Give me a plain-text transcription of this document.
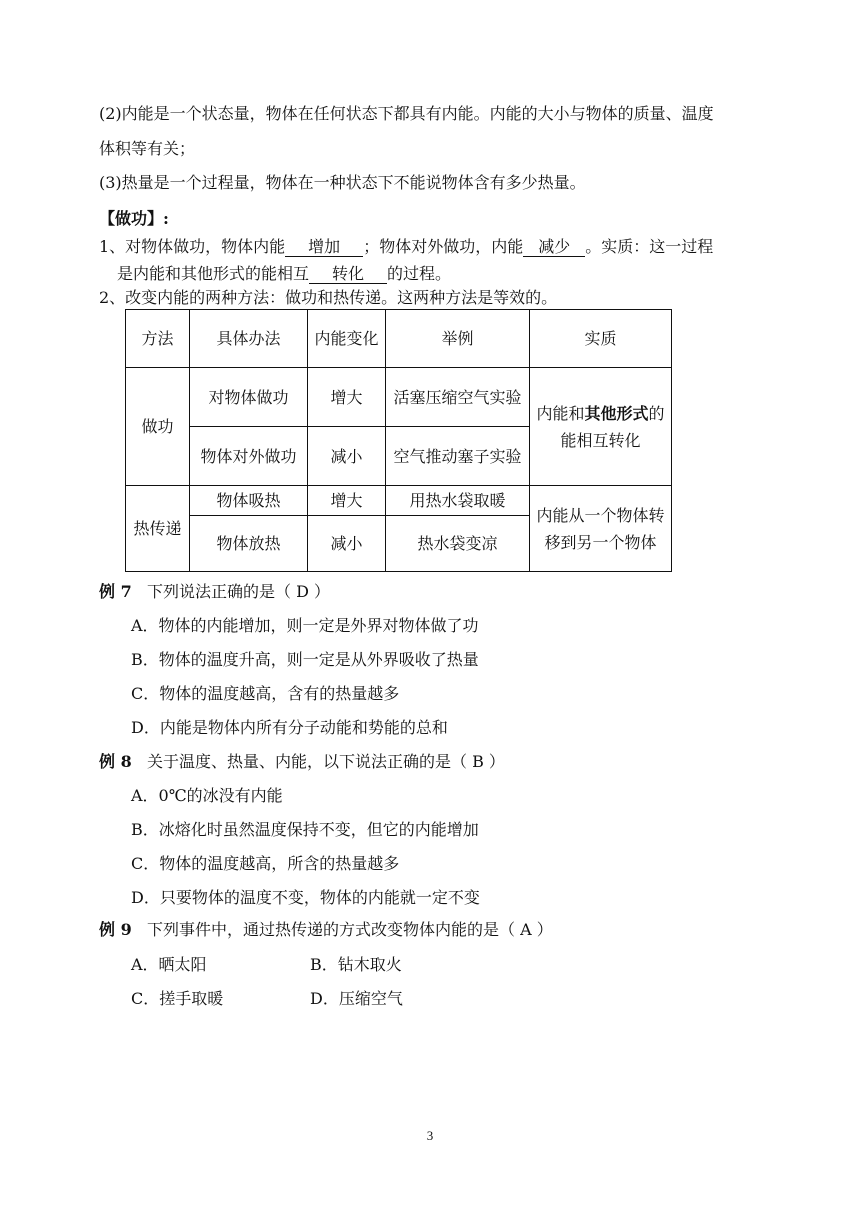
(2)内能是一个状态量，物体在任何状态下都具有内能。内能的大小与物体的质量、温度
体积等有关；
(3)热量是一个过程量，物体在一种状态下不能说物体含有多少热量。
【做功】:
1、对物体做功，物体内能 增加 ；物体对外做功，内能 减少 。实质：这一过程
是内能和其他形式的能相互 转化 的过程。
2、改变内能的两种方法：做功和热传递。这两种方法是等效的。
方法	具体办法	内能变化	举例	实质
做功	对物体做功	增大	活塞压缩空气实验	内能和其他形式的能相互转化
	物体对外做功	减小	空气推动塞子实验	
热传递	物体吸热	增大	用热水袋取暖	内能从一个物体转移到另一个物体
	物体放热	减小	热水袋变凉	
例 7 下列说法正确的是（ D ）
A．物体的内能增加，则一定是外界对物体做了功
B．物体的温度升高，则一定是从外界吸收了热量
C．物体的温度越高，含有的热量越多
D．内能是物体内所有分子动能和势能的总和
例 8 关于温度、热量、内能，以下说法正确的是（ B ）
A．0℃的冰没有内能
B．冰熔化时虽然温度保持不变，但它的内能增加
C．物体的温度越高，所含的热量越多
D．只要物体的温度不变，物体的内能就一定不变
例 9 下列事件中，通过热传递的方式改变物体内能的是（ A ）
A．晒太阳	B．钻木取火
C．搓手取暖	D．压缩空气
3
